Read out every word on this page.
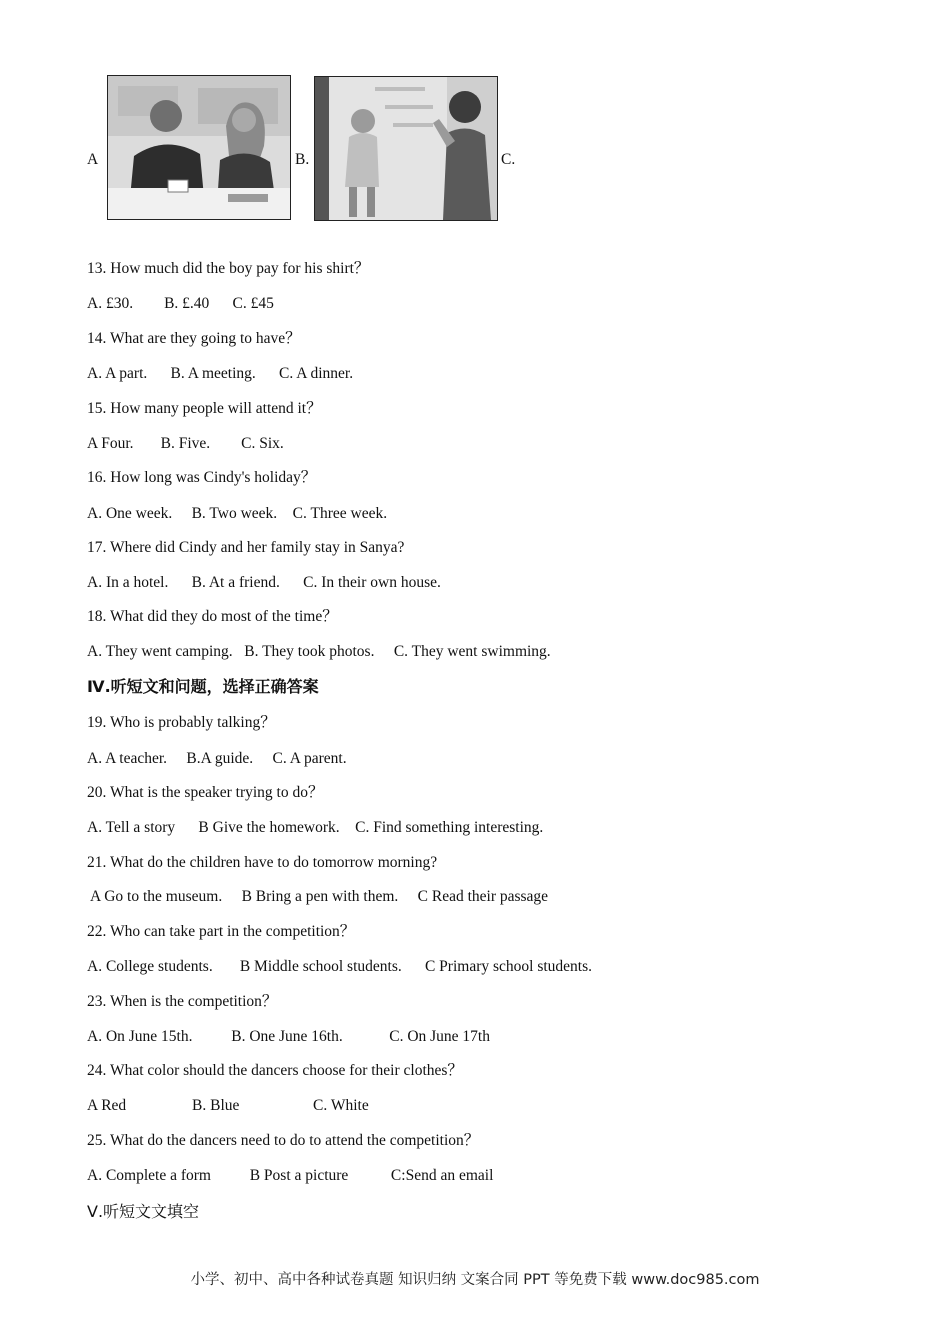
A	B.	C.
13. How much did the boy pay for his shirt？
A. £30.        B. £.40      C. £45
14. What are they going to have？
A. A part.      B. A meeting.      C. A dinner.
15. How many people will attend it？
A Four.       B. Five.        C. Six.
16. How long was Cindy's holiday？
A. One week.     B. Two week.    C. Three week.
17. Where did Cindy and her family stay in Sanya?
A. In a hotel.      B. At a friend.      C. In their own house.
18. What did they do most of the time？
A. They went camping.   B. They took photos.     C. They went swimming.
Ⅳ.听短文和问题，选择正确答案
19. Who is probably talking？
A. A teacher.     B.A guide.     C. A parent.
20. What is the speaker trying to do？
A. Tell a story      B Give the homework.    C. Find something interesting.
21. What do the children have to do tomorrow morning?
A Go to the museum.     B Bring a pen with them.     C Read their passage
22. Who can take part in the competition？
A. College students.       B Middle school students.      C Primary school students.
23. When is the competition？
A. On June 15th.          B. One June 16th.            C. On June 17th
24. What color should the dancers choose for their clothes？
A Red                 B. Blue                   C. White
25. What do the dancers need to do to attend the competition？
A. Complete a form          B Post a picture           C:Send an email
Ⅴ.听短文文填空
小学、初中、高中各种试卷真题 知识归纳 文案合同 PPT 等免费下载 www.doc985.com
